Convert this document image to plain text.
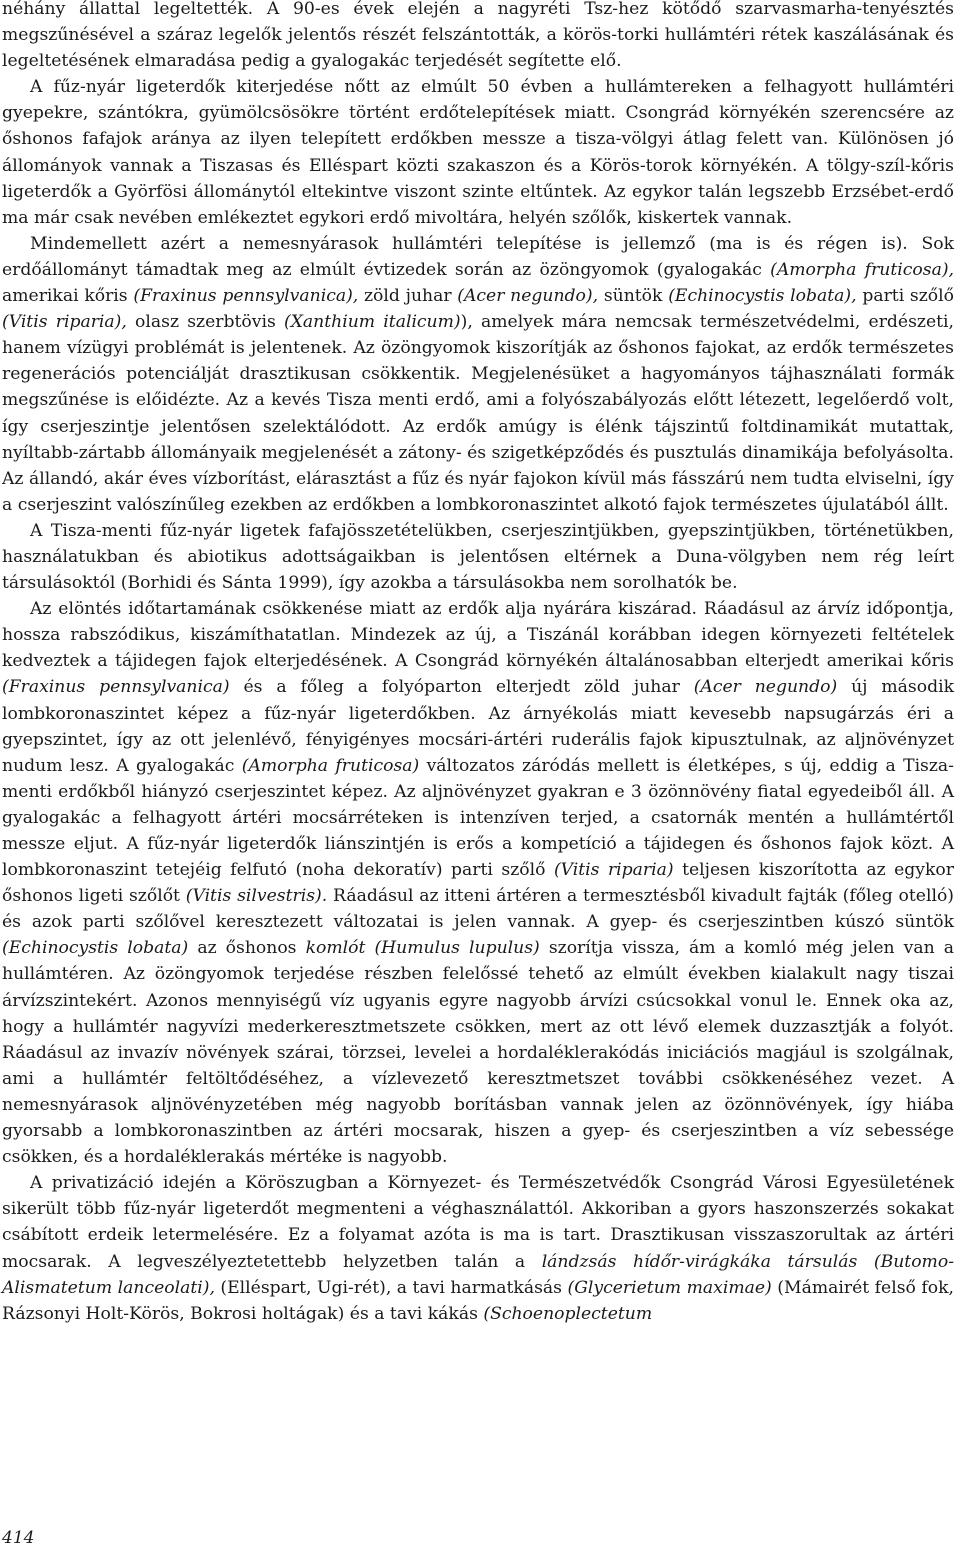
néhány állattal legeltették. A 90-es évek elején a nagyréti Tsz-hez kötődő szarvasmarha-tenyésztés megszűnésével a száraz legelők jelentős részét felszántották, a körös-torki hullámtéri rétek kaszálásának és legeltetésének elmaradása pedig a gyalogakác terjedését segítette elő.

A fűz-nyár ligeterdők kiterjedése nőtt az elmúlt 50 évben a hullámtereken a felhagyott hullámtéri gyepekre, szántókra, gyümölcsösökre történt erdőtelepítések miatt. Csongrád környékén szerencsére az őshonos fafajok aránya az ilyen telepített erdőkben messze a tisza-völgyi átlag felett van. Különösen jó állományok vannak a Tiszasas és Elléspart közti szakaszon és a Körös-torok környékén. A tölgy-szíl-kőris ligeterdők a Györfösi állománytól eltekintve viszont szinte eltűntek. Az egykor talán legszebb Erzsébet-erdő ma már csak nevében emlékeztet egykori erdő mivoltára, helyén szőlők, kiskertek vannak.

Mindemellett azért a nemesnyárasok hullámtéri telepítése is jellemző (ma is és régen is). Sok erdőállományt támadtak meg az elmúlt évtizedek során az özöngyomok (gyalogakác (Amorpha fruticosa), amerikai kőris (Fraxinus pennsylvanica), zöld juhar (Acer negundo), süntök (Echinocystis lobata), parti szőlő (Vitis riparia), olasz szerbtövis (Xanthium italicum)), amelyek mára nemcsak természetvédelmi, erdészeti, hanem vízügyi problémát is jelentenek. Az özöngyomok kiszorítják az őshonos fajokat, az erdők természetes regenerációs potenciálját drasztikusan csökkentik. Megjelenésüket a hagyományos tájhasználati formák megszűnése is előidézte. Az a kevés Tisza menti erdő, ami a folyószabályozás előtt létezett, legelőerdő volt, így cserjeszintje jelentősen szelektálódott. Az erdők amúgy is élénk tájszintű foltdinamikát mutattak, nyíltabb-zártabb állományaik megjelenését a zátony- és szigetképződés és pusztulás dinamikája befolyásolta. Az állandó, akár éves vízborítást, elárasztást a fűz és nyár fajokon kívül más fásszárú nem tudta elviselni, így a cserjeszint valószínűleg ezekben az erdőkben a lombkoronaszintet alkotó fajok természetes újulatából állt.

A Tisza-menti fűz-nyár ligetek fafajösszetételükben, cserjeszintjükben, gyepszintjükben, történetükben, használatukban és abiotikus adottságaikban is jelentősen eltérnek a Duna-völgyben nem rég leírt társulásoktól (Borhidi és Sánta 1999), így azokba a társulásokba nem sorolhatók be.

Az elöntés időtartamának csökkenése miatt az erdők alja nyárára kiszárad. Ráadásul az árvíz időpontja, hossza rabszódikus, kiszámíthatatlan. Mindezek az új, a Tiszánál korábban idegen környezeti feltételek kedveztek a tájidegen fajok elterjedésének. A Csongrád környékén általánosabban elterjedt amerikai kőris (Fraxinus pennsylvanica) és a főleg a folyóparton elterjedt zöld juhar (Acer negundo) új második lombkoronaszintet képez a fűz-nyár ligeterdőkben. Az árnyékolás miatt kevesebb napsugárzás éri a gyepszintet, így az ott jelenlévő, fényigényes mocsári-ártéri ruderális fajok kipusztulnak, az aljnövényzet nudum lesz. A gyalogakác (Amorpha fruticosa) változatos záródás mellett is életképes, s új, eddig a Tisza-menti erdőkből hiányzó cserjeszintet képez. Az aljnövényzet gyakran e 3 özönnövény fiatal egyedeiből áll. A gyalogakác a felhagyott ártéri mocsárréteken is intenzíven terjed, a csatornák mentén a hullámtértől messze eljut. A fűz-nyár ligeterdők liánszintjén is erős a kompetíció a tájidegen és őshonos fajok közt. A lombkoronaszint tetejéig felfutó (noha dekoratív) parti szőlő (Vitis riparia) teljesen kiszorította az egykor őshonos ligeti szőlőt (Vitis silvestris). Ráadásul az itteni ártéren a termesztésből kivadult fajták (főleg otelló) és azok parti szőlővel keresztezett változatai is jelen vannak. A gyep- és cserjeszintben kúszó süntök (Echinocystis lobata) az őshonos komlót (Humulus lupulus) szorítja vissza, ám a komló még jelen van a hullámtéren. Az özöngyomok terjedése részben felelőssé tehető az elmúlt években kialakult nagy tiszai árvízszintekért. Azonos mennyiségű víz ugyanis egyre nagyobb árvízi csúcsokkal vonul le. Ennek oka az, hogy a hullámtér nagyvízi mederkeresztmetszete csökken, mert az ott lévő elemek duzzasztják a folyót. Ráadásul az invazív növények szárai, törzsei, levelei a hordaléklerakódás iniciációs magjául is szolgálnak, ami a hullámtér feltöltődéséhez, a vízlevezető keresztmetszet további csökkenéséhez vezet. A nemesnyárasok aljnövényzetében még nagyobb borításban vannak jelen az özönnövények, így hiába gyorsabb a lombkoronaszintben az ártéri mocsarak, hiszen a gyep- és cserjeszintben a víz sebessége csökken, és a hordaléklerakás mértéke is nagyobb.

A privatizáció idején a Köröszugban a Környezet- és Természetvédők Csongrád Városi Egyesületének sikerült több fűz-nyár ligeterdőt megmenteni a véghasználattól. Akkoriban a gyors haszonszerzés sokakat csábított erdeik letermelésére. Ez a folyamat azóta is ma is tart. Drasztikusan visszaszorultak az ártéri mocsarak. A legveszélyeztetettebb helyzetben talán a lándzsás hídőr-virágkáka társulás (Butomo-Alismatetum lanceolati), (Elléspart, Ugi-rét), a tavi harmatkásás (Glycerietum maximae) (Mámairét felső fok, Rázsonyi Holt-Körös, Bokrosi holtágak) és a tavi kákás (Schoenoplectetum

414
